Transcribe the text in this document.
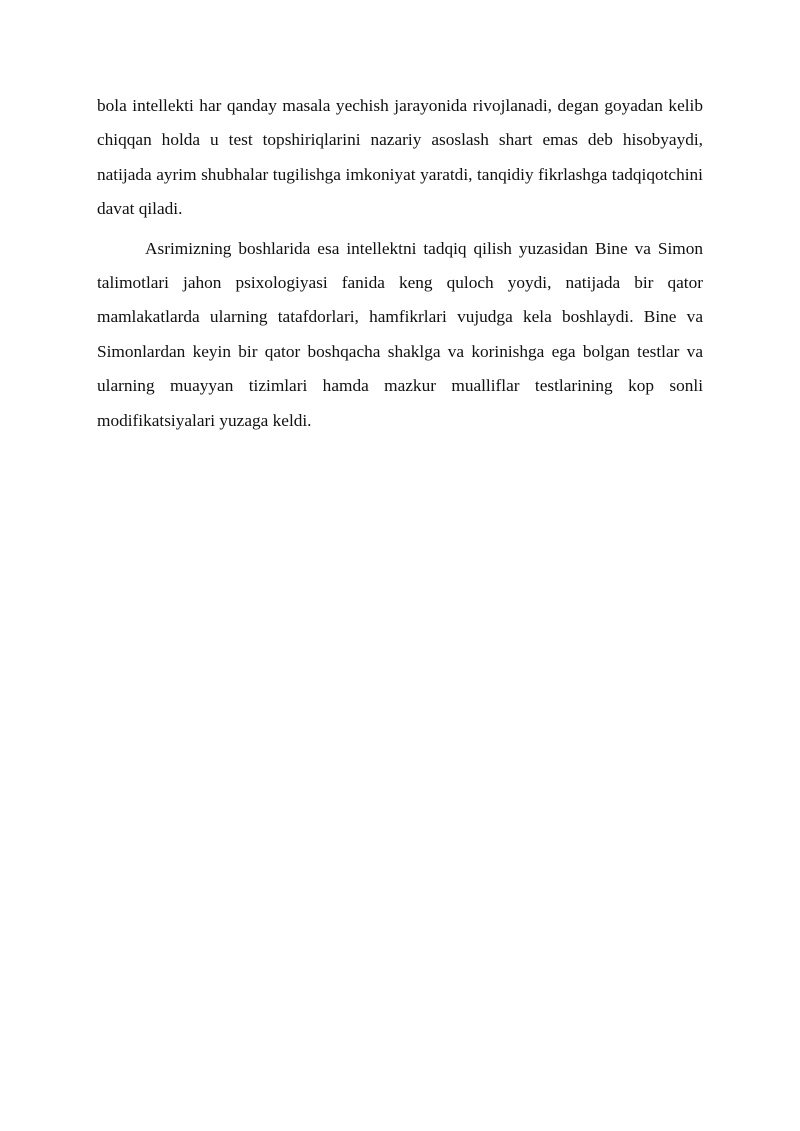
bola intellekti har qanday masala yechish jarayonida rivojlanadi, degan goyadan kelib chiqqan holda u test topshiriqlarini nazariy asoslash shart emas deb hisobyaydi, natijada ayrim shubhalar tugilishga imkoniyat yaratdi, tanqidiy fikrlashga tadqiqotchini davat qiladi.

Asrimizning boshlarida esa intellektni tadqiq qilish yuzasidan Bine va Simon talimotlari jahon psixologiyasi fanida keng quloch yoydi, natijada bir qator mamlakatlarda ularning tatafdorlari, hamfikrlari vujudga kela boshlaydi. Bine va Simonlardan keyin bir qator boshqacha shaklga va korinishga ega bolgan testlar va ularning muayyan tizimlari hamda mazkur mualliflar testlarining kop sonli modifikatsiyalari yuzaga keldi.
